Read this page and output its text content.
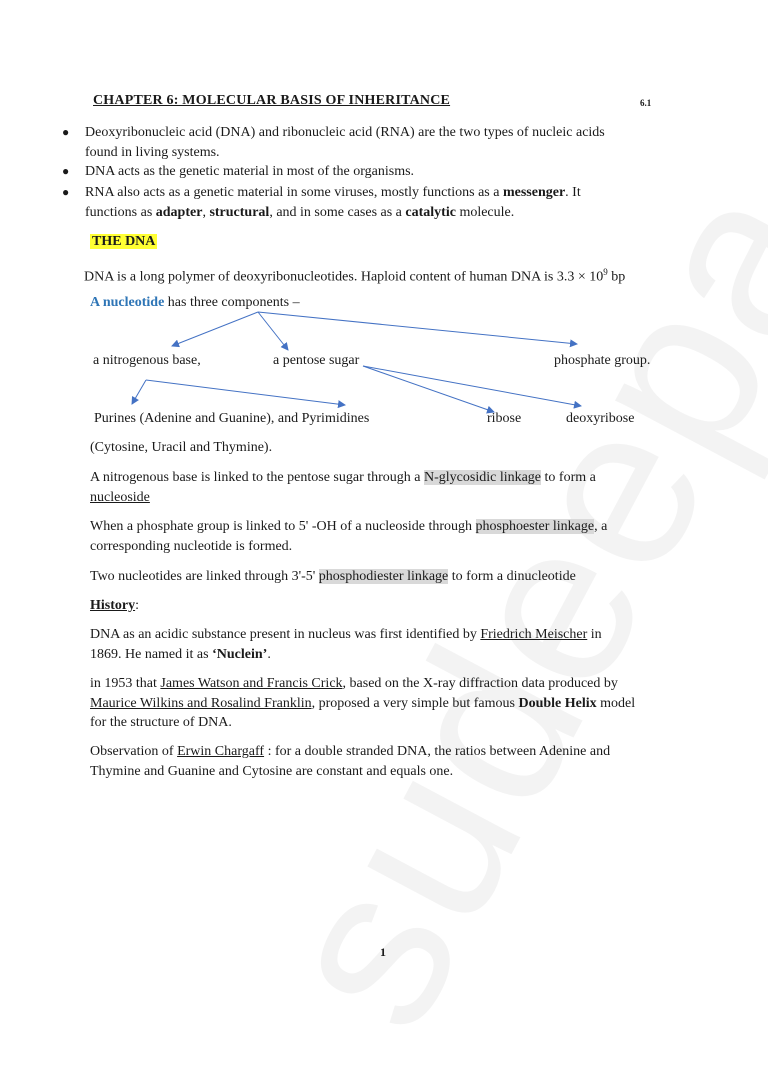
CHAPTER 6: MOLECULAR BASIS OF INHERITANCE	6.1
● Deoxyribonucleic acid (DNA) and ribonucleic acid (RNA) are the two types of nucleic acids
found in living systems.
● DNA acts as the genetic material in most of the organisms.
● RNA also acts as a genetic material in some viruses, mostly functions as a messenger. It
functions as adapter, structural, and in some cases as a catalytic molecule.
THE DNA
DNA is a long polymer of deoxyribonucleotides. Haploid content of human DNA is $3.3 \times 10^9$ bp
A nucleotide has three components –
a nitrogenous base,	a pentose sugar	phosphate group.
Purines (Adenine and Guanine), and Pyrimidines	ribose	deoxyribose
(Cytosine, Uracil and Thymine).
A nitrogenous base is linked to the pentose sugar through a N-glycosidic linkage to form a
nucleoside
When a phosphate group is linked to 5' -OH of a nucleoside through phosphoester linkage, a
corresponding nucleotide is formed.
Two nucleotides are linked through 3'-5' phosphodiester linkage to form a dinucleotide
History:
DNA as an acidic substance present in nucleus was first identified by Friedrich Meischer in
1869. He named it as ‘Nuclein’.
in 1953 that James Watson and Francis Crick, based on the X-ray diffraction data produced by
Maurice Wilkins and Rosalind Franklin, proposed a very simple but famous Double Helix model
for the structure of DNA.
Observation of Erwin Chargaff : for a double stranded DNA, the ratios between Adenine and
Thymine and Guanine and Cytosine are constant and equals one.
1
